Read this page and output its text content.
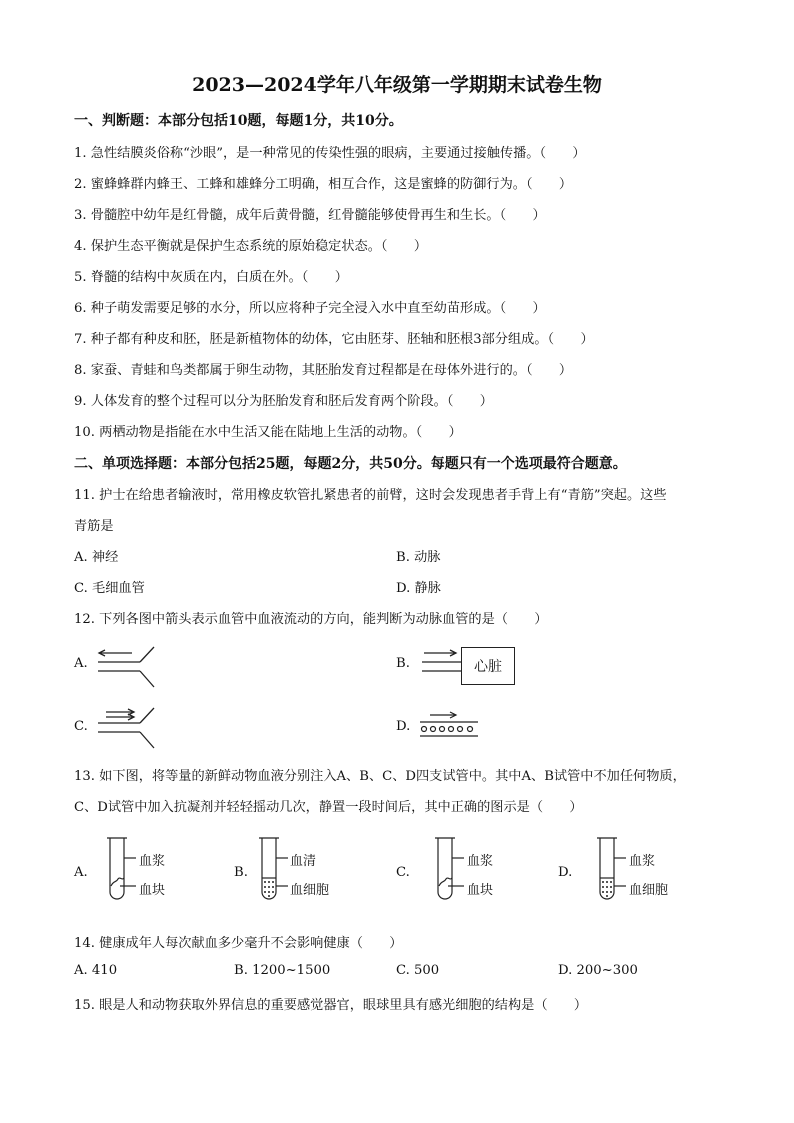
2023—2024学年八年级第一学期期末试卷生物
一、判断题：本部分包括10题，每题1分，共10分。
1. 急性结膜炎俗称“沙眼”，是一种常见的传染性强的眼病，主要通过接触传播。（　　）
2. 蜜蜂蜂群内蜂王、工蜂和雄蜂分工明确，相互合作，这是蜜蜂的防御行为。（　　）
3. 骨髓腔中幼年是红骨髓，成年后黄骨髓，红骨髓能够使骨再生和生长。（　　）
4. 保护生态平衡就是保护生态系统的原始稳定状态。（　　）
5. 脊髓的结构中灰质在内，白质在外。（　　）
6. 种子萌发需要足够的水分，所以应将种子完全浸入水中直至幼苗形成。（　　）
7. 种子都有种皮和胚，胚是新植物体的幼体，它由胚芽、胚轴和胚根3部分组成。（　　）
8. 家蚕、青蛙和鸟类都属于卵生动物，其胚胎发育过程都是在母体外进行的。（　　）
9. 人体发育的整个过程可以分为胚胎发育和胚后发育两个阶段。（　　）
10. 两栖动物是指能在水中生活又能在陆地上生活的动物。（　　）
二、单项选择题：本部分包括25题，每题2分，共50分。每题只有一个选项最符合题意。
11. 护士在给患者输液时，常用橡皮软管扎紧患者的前臂，这时会发现患者手背上有“青筋”突起。这些
青筋是
A. 神经	B. 动脉
C. 毛细血管	D. 静脉
12. 下列各图中箭头表示血管中血液流动的方向，能判断为动脉血管的是（　　）
A.	B.	心脏
C.	D.
13. 如下图，将等量的新鲜动物血液分别注入A、B、C、D四支试管中。其中A、B试管中不加任何物质，
C、D试管中加入抗凝剂并轻轻摇动几次，静置一段时间后，其中正确的图示是（　　）
A.
血浆
血块
B.
血清
血细胞
C.
血浆
血块
D.
血浆
血细胞
14. 健康成年人每次献血多少毫升不会影响健康（　　）
A. 410	B. 1200~1500	C. 500	D. 200~300
15. 眼是人和动物获取外界信息的重要感觉器官，眼球里具有感光细胞的结构是（　　）
